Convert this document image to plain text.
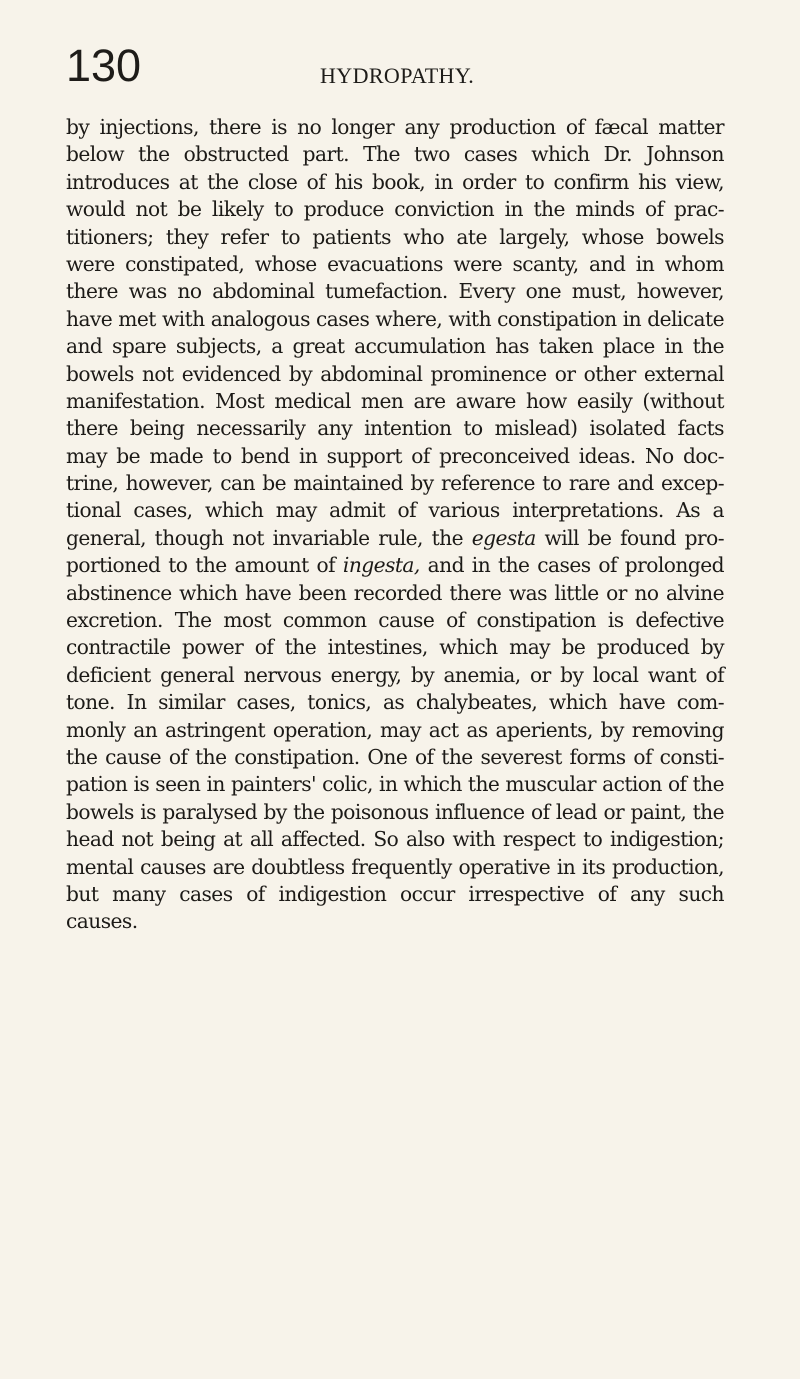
130	HYDROPATHY.
by injections, there is no longer any production of fæcal matter
below the obstructed part. The two cases which Dr. Johnson
introduces at the close of his book, in order to confirm his view,
would not be likely to produce conviction in the minds of prac-
titioners; they refer to patients who ate largely, whose bowels
were constipated, whose evacuations were scanty, and in whom
there was no abdominal tumefaction. Every one must, however,
have met with analogous cases where, with constipation in delicate
and spare subjects, a great accumulation has taken place in the
bowels not evidenced by abdominal prominence or other external
manifestation. Most medical men are aware how easily (without
there being necessarily any intention to mislead) isolated facts
may be made to bend in support of preconceived ideas. No doc-
trine, however, can be maintained by reference to rare and excep-
tional cases, which may admit of various interpretations. As a
general, though not invariable rule, the egesta will be found pro-
portioned to the amount of ingesta, and in the cases of prolonged
abstinence which have been recorded there was little or no alvine
excretion. The most common cause of constipation is defective
contractile power of the intestines, which may be produced by
deficient general nervous energy, by anemia, or by local want of
tone. In similar cases, tonics, as chalybeates, which have com-
monly an astringent operation, may act as aperients, by removing
the cause of the constipation. One of the severest forms of consti-
pation is seen in painters' colic, in which the muscular action of the
bowels is paralysed by the poisonous influence of lead or paint, the
head not being at all affected. So also with respect to indigestion;
mental causes are doubtless frequently operative in its production,
but many cases of indigestion occur irrespective of any such
causes.
